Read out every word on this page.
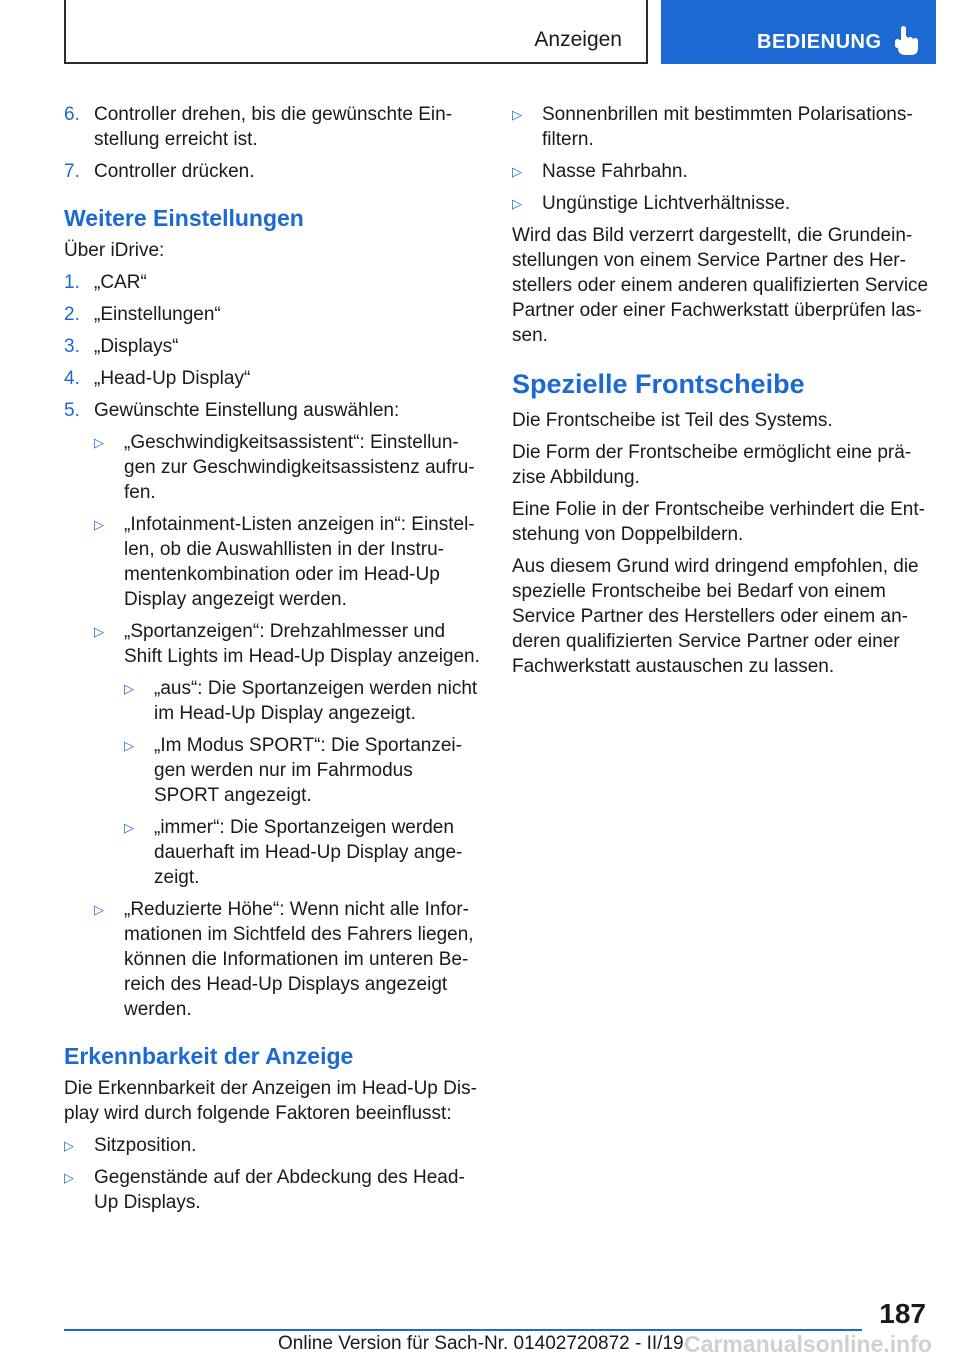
Anzeigen	BEDIENUNG
6. Controller drehen, bis die gewünschte Ein-
stellung erreicht ist.
7. Controller drücken.
Weitere Einstellungen
Über iDrive:
1. „CAR“
2. „Einstellungen“
3. „Displays“
4. „Head-Up Display“
5. Gewünschte Einstellung auswählen:
▷ „Geschwindigkeitsassistent“: Einstellun-
gen zur Geschwindigkeitsassistenz aufru-
fen.
▷ „Infotainment-Listen anzeigen in“: Einstel-
len, ob die Auswahllisten in der Instru-
mentenkombination oder im Head-Up
Display angezeigt werden.
▷ „Sportanzeigen“: Drehzahlmesser und
Shift Lights im Head-Up Display anzeigen.
▷ „aus“: Die Sportanzeigen werden nicht
im Head-Up Display angezeigt.
▷ „Im Modus SPORT“: Die Sportanzei-
gen werden nur im Fahrmodus
SPORT angezeigt.
▷ „immer“: Die Sportanzeigen werden
dauerhaft im Head-Up Display ange-
zeigt.
▷ „Reduzierte Höhe“: Wenn nicht alle Infor-
mationen im Sichtfeld des Fahrers liegen,
können die Informationen im unteren Be-
reich des Head-Up Displays angezeigt
werden.
Erkennbarkeit der Anzeige
Die Erkennbarkeit der Anzeigen im Head-Up Dis-
play wird durch folgende Faktoren beeinflusst:
▷ Sitzposition.
▷ Gegenstände auf der Abdeckung des Head-
Up Displays.
▷ Sonnenbrillen mit bestimmten Polarisations-
filtern.
▷ Nasse Fahrbahn.
▷ Ungünstige Lichtverhältnisse.
Wird das Bild verzerrt dargestellt, die Grundein-
stellungen von einem Service Partner des Her-
stellers oder einem anderen qualifizierten Service
Partner oder einer Fachwerkstatt überprüfen las-
sen.
Spezielle Frontscheibe
Die Frontscheibe ist Teil des Systems.
Die Form der Frontscheibe ermöglicht eine prä-
zise Abbildung.
Eine Folie in der Frontscheibe verhindert die Ent-
stehung von Doppelbildern.
Aus diesem Grund wird dringend empfohlen, die
spezielle Frontscheibe bei Bedarf von einem
Service Partner des Herstellers oder einem an-
deren qualifizierten Service Partner oder einer
Fachwerkstatt austauschen zu lassen.
187
Online Version für Sach-Nr. 01402720872 - II/19 Carmanualsonline.info
